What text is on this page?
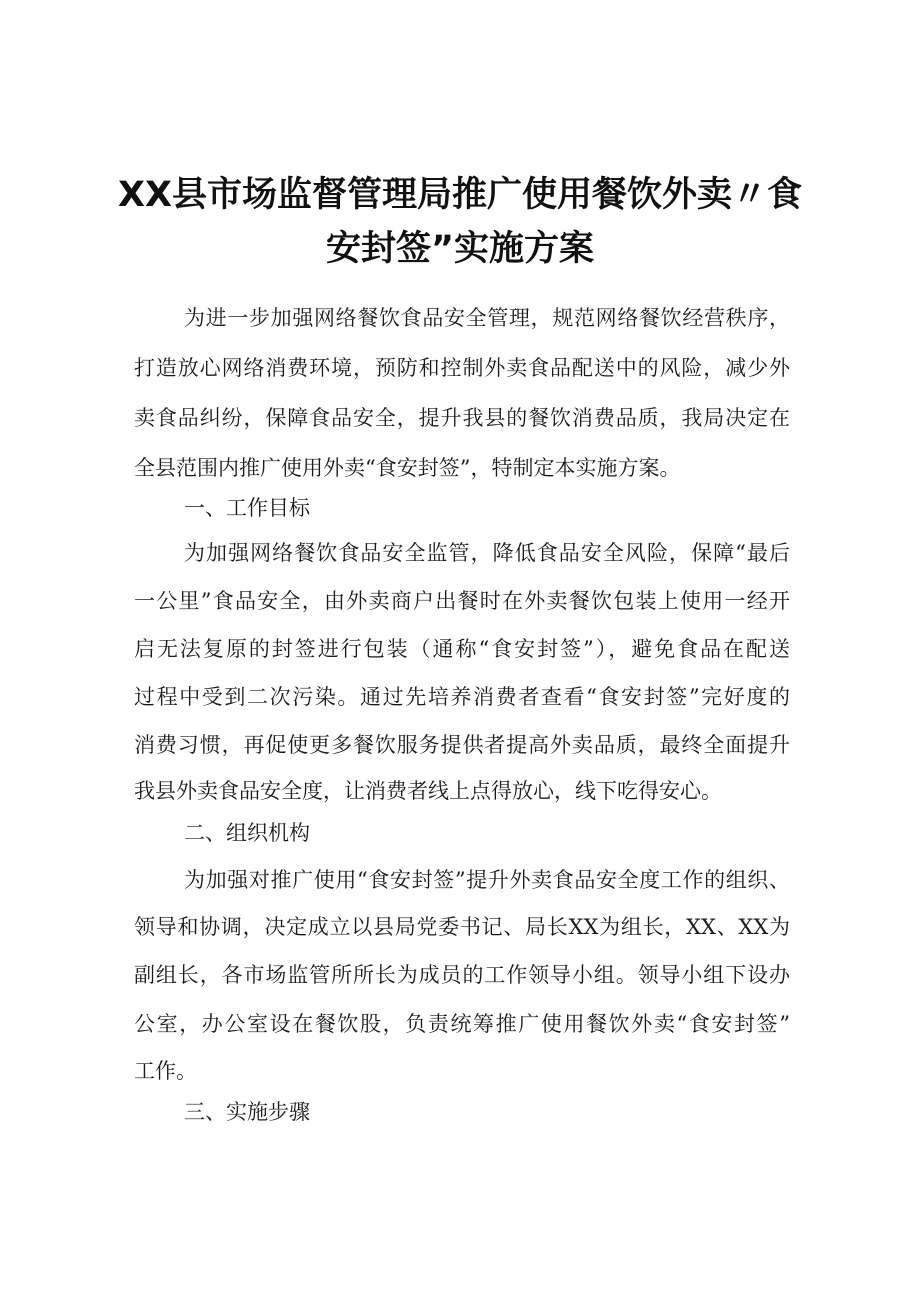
XX县市场监督管理局推广使用餐饮外卖〃食
安封签”实施方案
为进一步加强网络餐饮食品安全管理，规范网络餐饮经营秩序，
打造放心网络消费环境，预防和控制外卖食品配送中的风险，减少外
卖食品纠纷，保障食品安全，提升我县的餐饮消费品质，我局决定在
全县范围内推广使用外卖“食安封签”，特制定本实施方案。
一、工作目标
为加强网络餐饮食品安全监管，降低食品安全风险，保障“最后
一公里”食品安全，由外卖商户出餐时在外卖餐饮包装上使用一经开
启无法复原的封签进行包装（通称“食安封签”），避免食品在配送
过程中受到二次污染。通过先培养消费者查看“食安封签”完好度的
消费习惯，再促使更多餐饮服务提供者提高外卖品质，最终全面提升
我县外卖食品安全度，让消费者线上点得放心，线下吃得安心。
二、组织机构
为加强对推广使用“食安封签”提升外卖食品安全度工作的组织、
领导和协调，决定成立以县局党委书记、局长XX为组长，XX、XX为
副组长，各市场监管所所长为成员的工作领导小组。领导小组下设办
公室，办公室设在餐饮股，负责统筹推广使用餐饮外卖“食安封签”
工作。
三、实施步骤
